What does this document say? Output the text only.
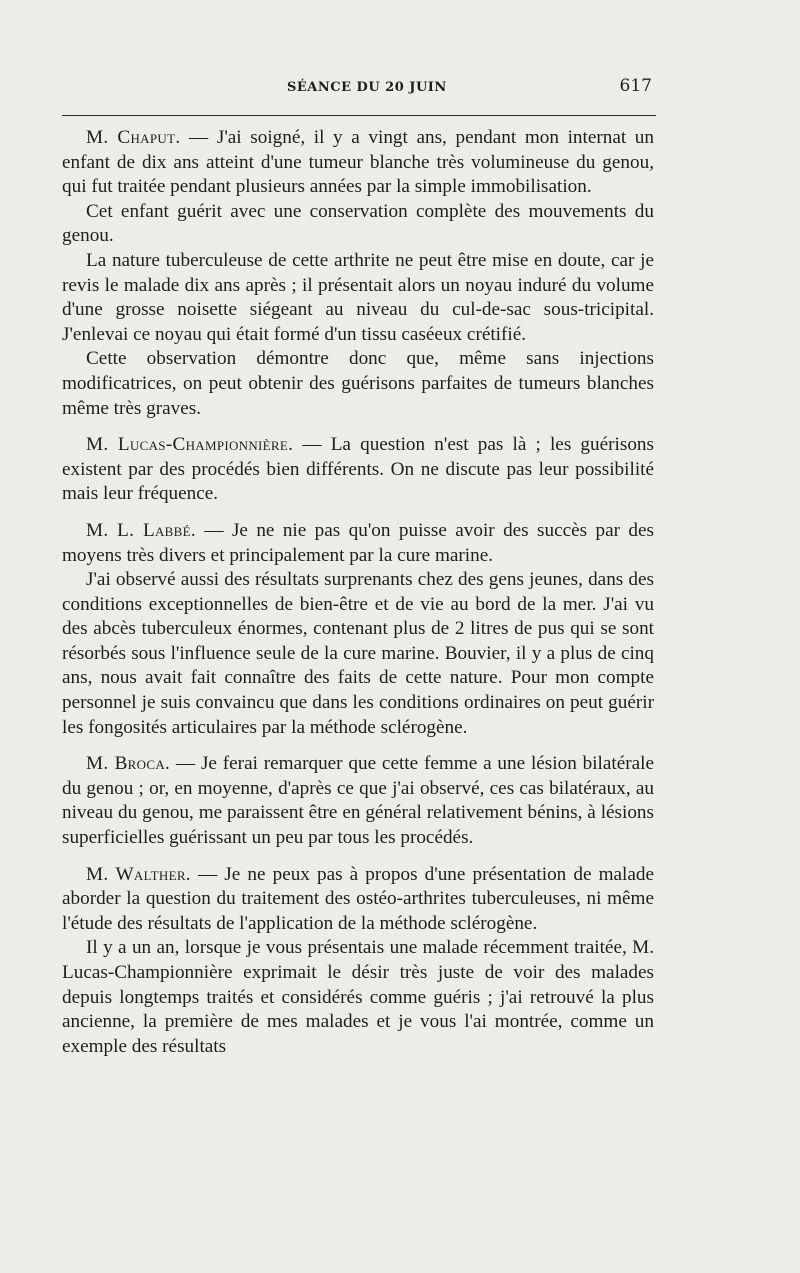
SÉANCE DU 20 JUIN	617

M. Chaput. — J'ai soigné, il y a vingt ans, pendant mon internat un enfant de dix ans atteint d'une tumeur blanche très volumineuse du genou, qui fut traitée pendant plusieurs années par la simple immobilisation.

Cet enfant guérit avec une conservation complète des mouvements du genou.

La nature tuberculeuse de cette arthrite ne peut être mise en doute, car je revis le malade dix ans après ; il présentait alors un noyau induré du volume d'une grosse noisette siégeant au niveau du cul-de-sac sous-tricipital. J'enlevai ce noyau qui était formé d'un tissu caséeux crétifié.

Cette observation démontre donc que, même sans injections modificatrices, on peut obtenir des guérisons parfaites de tumeurs blanches même très graves.

M. Lucas-Championnière. — La question n'est pas là ; les guérisons existent par des procédés bien différents. On ne discute pas leur possibilité mais leur fréquence.

M. L. Labbé. — Je ne nie pas qu'on puisse avoir des succès par des moyens très divers et principalement par la cure marine.

J'ai observé aussi des résultats surprenants chez des gens jeunes, dans des conditions exceptionnelles de bien-être et de vie au bord de la mer. J'ai vu des abcès tuberculeux énormes, contenant plus de 2 litres de pus qui se sont résorbés sous l'influence seule de la cure marine. Bouvier, il y a plus de cinq ans, nous avait fait connaître des faits de cette nature. Pour mon compte personnel je suis convaincu que dans les conditions ordinaires on peut guérir les fongosités articulaires par la méthode sclérogène.

M. Broca. — Je ferai remarquer que cette femme a une lésion bilatérale du genou ; or, en moyenne, d'après ce que j'ai observé, ces cas bilatéraux, au niveau du genou, me paraissent être en général relativement bénins, à lésions superficielles guérissant un peu par tous les procédés.

M. Walther. — Je ne peux pas à propos d'une présentation de malade aborder la question du traitement des ostéo-arthrites tuberculeuses, ni même l'étude des résultats de l'application de la méthode sclérogène.

Il y a un an, lorsque je vous présentais une malade récemment traitée, M. Lucas-Championnière exprimait le désir très juste de voir des malades depuis longtemps traités et considérés comme guéris ; j'ai retrouvé la plus ancienne, la première de mes malades et je vous l'ai montrée, comme un exemple des résultats
